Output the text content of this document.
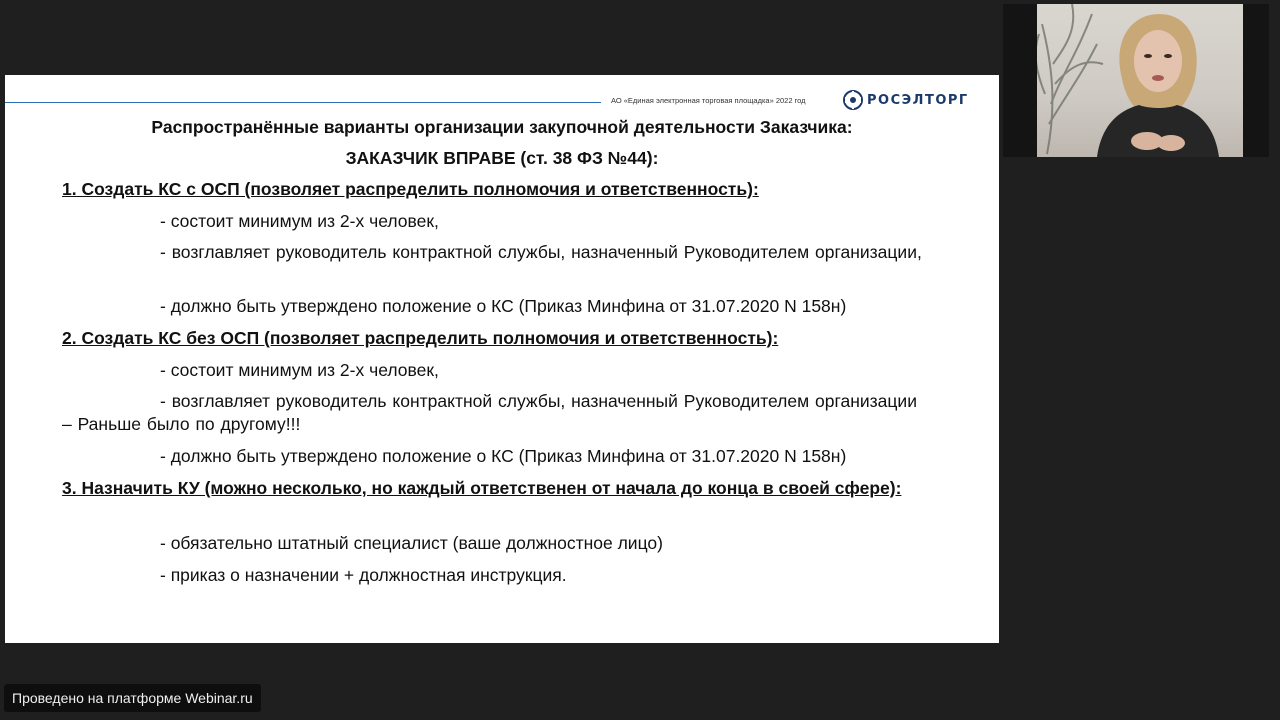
АО «Единая электронная торговая площадка» 2022 год	РОСЭЛТОРГ
Распространённые варианты организации закупочной деятельности Заказчика:
ЗАКАЗЧИК ВПРАВЕ (ст. 38 ФЗ №44):
1. Создать КС с ОСП (позволяет распределить полномочия и ответственность):
- состоит минимум из 2-х человек,
- возглавляет руководитель контрактной службы, назначенный Руководителем организации,
- должно быть утверждено положение о КС (Приказ Минфина от 31.07.2020 N 158н)
2. Создать КС без ОСП (позволяет распределить полномочия и ответственность):
- состоит минимум из 2-х человек,
- возглавляет руководитель контрактной службы, назначенный Руководителем организации – Раньше было по другому!!!
- должно быть утверждено положение о КС (Приказ Минфина от 31.07.2020 N 158н)
3. Назначить КУ (можно несколько, но каждый ответственен от начала до конца в своей сфере):
- обязательно штатный специалист (ваше должностное лицо)
- приказ о назначении + должностная инструкция.
Проведено на платформе Webinar.ru
